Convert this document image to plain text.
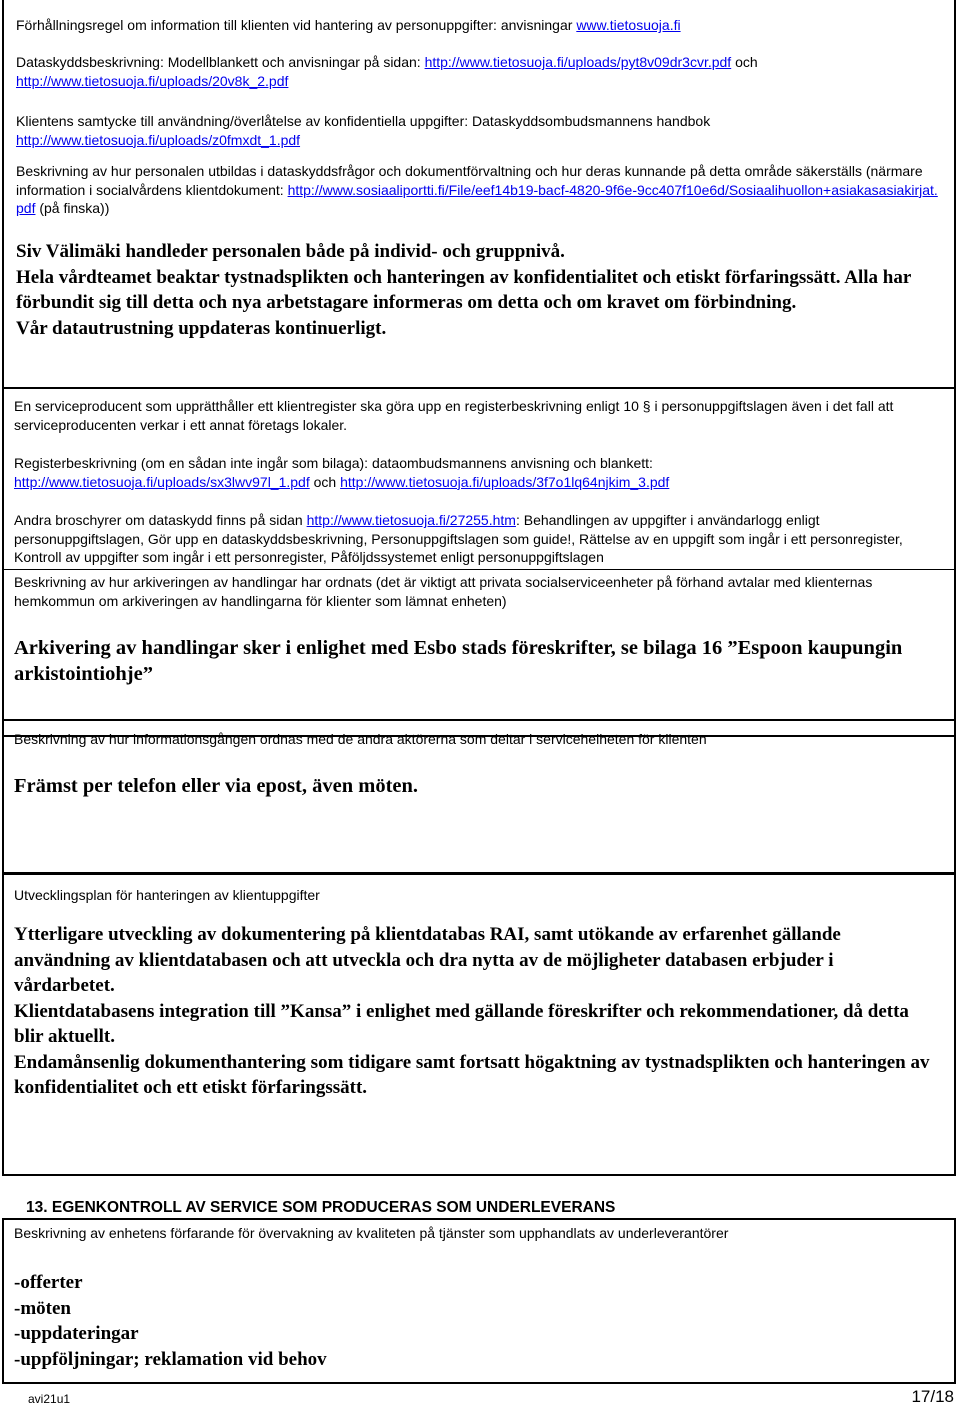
Förhållningsregel om information till klienten vid hantering av personuppgifter: anvisningar www.tietosuoja.fi

Dataskyddsbeskrivning: Modellblankett och anvisningar på sidan: http://www.tietosuoja.fi/uploads/pyt8v09dr3cvr.pdf och
http://www.tietosuoja.fi/uploads/20v8k_2.pdf

Klientens samtycke till användning/överlåtelse av konfidentiella uppgifter: Dataskyddsombudsmannens handbok
http://www.tietosuoja.fi/uploads/z0fmxdt_1.pdf

Beskrivning av hur personalen utbildas i dataskyddsfrågor och dokumentförvaltning och hur deras kunnande på detta område säkerställs (närmare information i socialvårdens klientdokument: http://www.sosiaaliportti.fi/File/eef14b19-bacf-4820-9f6e-9cc407f10e6d/Sosiaalihuollon+asiakasasiakirjat.pdf (på finska))

Siv Välimäki handleder personalen både på individ- och gruppnivå.

Hela vårdteamet beaktar tystnadsplikten och hanteringen av konfidentialitet och etiskt förfaringssätt. Alla har förbundit sig till detta och nya arbetstagare informeras om detta och om kravet om förbindning.

Vår datautrustning uppdateras kontinuerligt.

En serviceproducent som upprätthåller ett klientregister ska göra upp en registerbeskrivning enligt 10 § i personuppgiftslagen även i det fall att serviceproducenten verkar i ett annat företags lokaler.

Registerbeskrivning (om en sådan inte ingår som bilaga): dataombudsmannens anvisning och blankett:
http://www.tietosuoja.fi/uploads/sx3lwv97l_1.pdf och http://www.tietosuoja.fi/uploads/3f7o1lq64njkim_3.pdf

Andra broschyrer om dataskydd finns på sidan http://www.tietosuoja.fi/27255.htm: Behandlingen av uppgifter i användarlogg enligt personuppgiftslagen, Gör upp en dataskyddsbeskrivning, Personuppgiftslagen som guide!, Rättelse av en uppgift som ingår i ett personregister, Kontroll av uppgifter som ingår i ett personregister, Påföljdssystemet enligt personuppgiftslagen

Beskrivning av hur arkiveringen av handlingar har ordnats (det är viktigt att privata socialserviceenheter på förhand avtalar med klienternas hemkommun om arkiveringen av handlingarna för klienter som lämnat enheten)

Arkivering av handlingar sker i enlighet med Esbo stads föreskrifter, se bilaga 16 ”Espoon kaupungin arkistointiohje”

Beskrivning av hur informationsgången ordnas med de andra aktörerna som deltar i servicehelheten för klienten

Främst per telefon eller via epost, även möten.

Utvecklingsplan för hanteringen av klientuppgifter

Ytterligare utveckling av dokumentering på klientdatabas RAI, samt utökande av erfarenhet gällande användning av klientdatabasen och att utveckla och dra nytta av de möjligheter databasen erbjuder i vårdarbetet.

Klientdatabasens integration till ”Kansa” i enlighet med gällande föreskrifter och rekommendationer, då detta blir aktuellt.

Endamånsenlig dokumenthantering som tidigare samt fortsatt högaktning av tystnadsplikten och hanteringen av konfidentialitet och ett etiskt förfaringssätt.

13. EGENKONTROLL AV SERVICE SOM PRODUCERAS SOM UNDERLEVERANS

Beskrivning av enhetens förfarande för övervakning av kvaliteten på tjänster som upphandlats av underleverantörer

-offerter

-möten

-uppdateringar

-uppföljningar; reklamation vid behov

avi21u1	17/18
